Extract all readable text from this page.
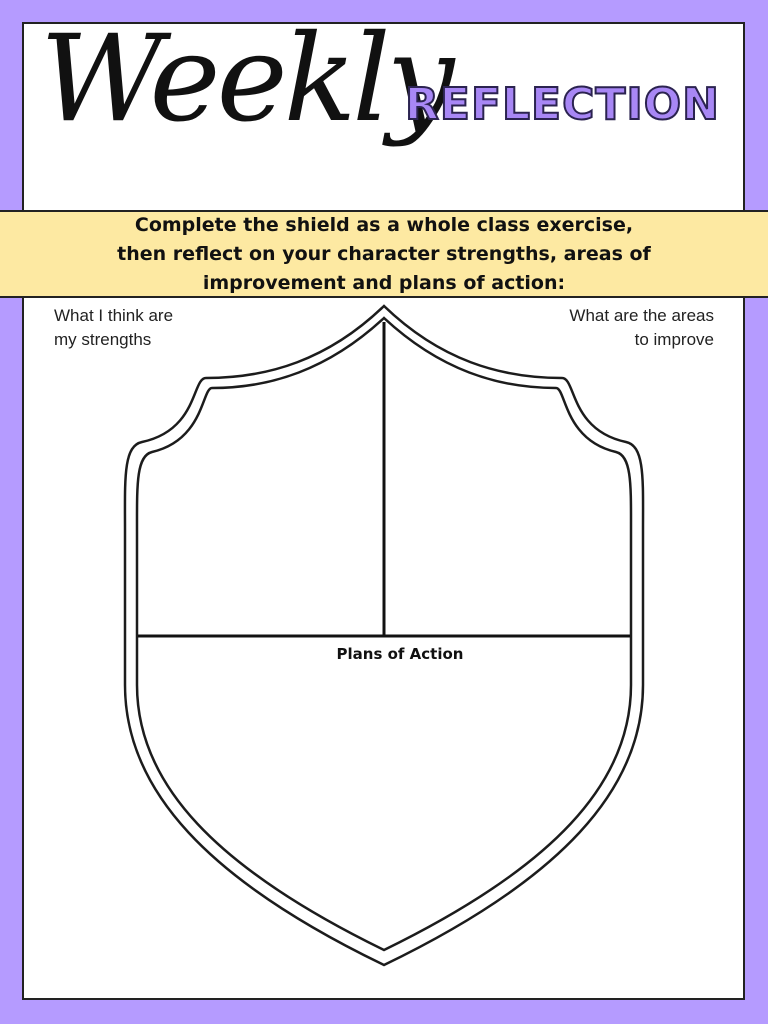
Weekly
REFLECTION
Complete the shield as a whole class exercise,
then reflect on your character strengths, areas of
improvement and plans of action:
What I think are
my strengths
What are the areas
to improve
Plans of Action
